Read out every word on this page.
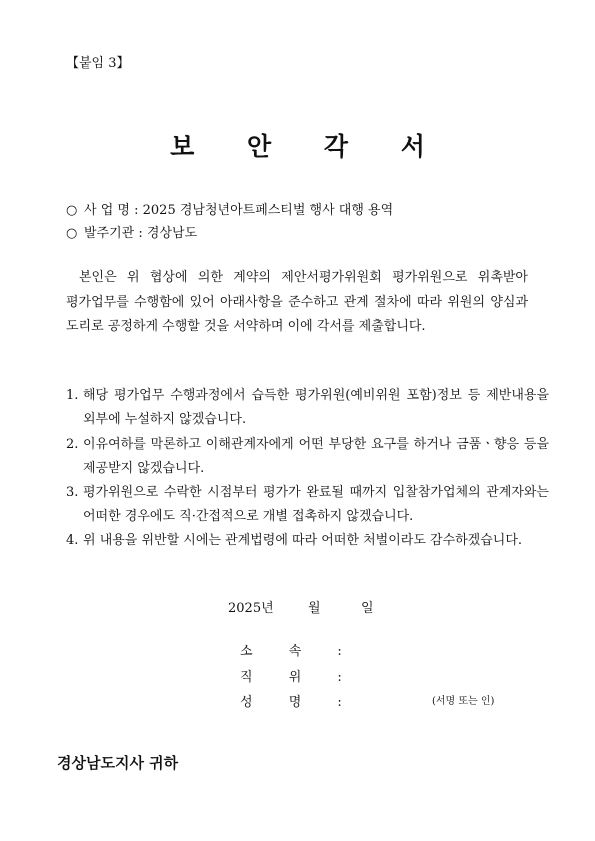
【붙임 3】

보 안 각 서
○ 사 업 명 : 2025 경남청년아트페스티벌 행사 대행 용역
○ 발주기관 : 경상남도

본인은 위 협상에 의한 계약의 제안서평가위원회 평가위원으로 위촉받아 평가업무를 수행함에 있어 아래사항을 준수하고 관계 절차에 따라 위원의 양심과 도리로 공정하게 수행할 것을 서약하며 이에 각서를 제출합니다.

1. 해당 평가업무 수행과정에서 습득한 평가위원(예비위원 포함)정보 등 제반내용을 외부에 누설하지 않겠습니다.

2. 이유여하를 막론하고 이해관계자에게 어떤 부당한 요구를 하거나 금품ㆍ향응 등을 제공받지 않겠습니다.

3. 평가위원으로 수락한 시점부터 평가가 완료될 때까지 입찰참가업체의 관계자와는 어떠한 경우에도 직·간접적으로 개별 접촉하지 않겠습니다.

4. 위 내용을 위반할 시에는 관계법령에 따라 어떠한 처벌이라도 감수하겠습니다.

2025년	월	일
소 속 :
직 위 :
성 명 :	(서명 또는 인)
경상남도지사 귀하
